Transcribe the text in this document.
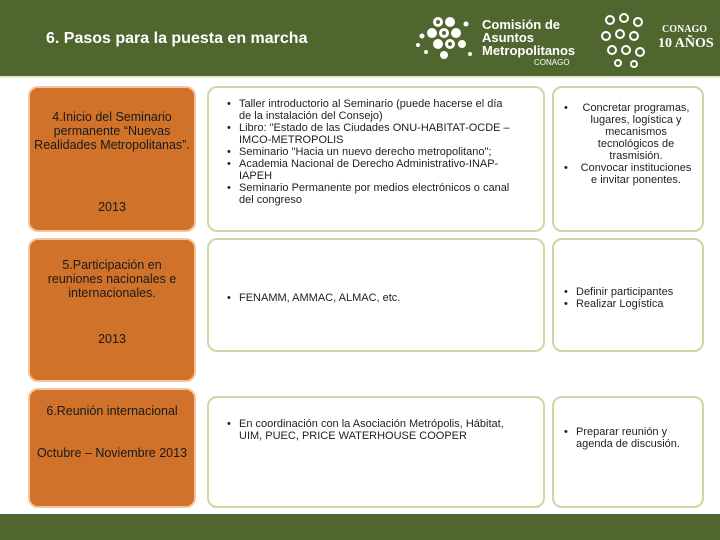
6. Pasos para la puesta en marcha
Comisión de
Asuntos
Metropolitanos
CONAGO
CONAGO
10 AÑOS
4.Inicio del Seminario permanente “Nuevas Realidades Metropolitanas”.
2013
• Taller introductorio al Seminario (puede hacerse el día de la instalación del Consejo)
• Libro: "Estado de las Ciudades ONU-HABITAT-OCDE –IMCO-METROPOLIS
• Seminario "Hacia un nuevo derecho metropolitano";
• Academia Nacional de Derecho Administrativo-INAP-IAPEH
• Seminario Permanente por medios electrónicos o canal del congreso
• Concretar programas, lugares, logística y mecanismos tecnológicos de trasmisión.
• Convocar instituciones e invitar ponentes.
5.Participación en reuniones nacionales e internacionales.
2013
• FENAMM, AMMAC, ALMAC, etc.	• Definir participantes
• Realizar Logística
6.Reunión internacional
Octubre – Noviembre 2013
• En coordinación con la Asociación Metrópolis, Hábitat, UIM, PUEC, PRICE WATERHOUSE COOPER	• Preparar reunión y agenda de discusión.
